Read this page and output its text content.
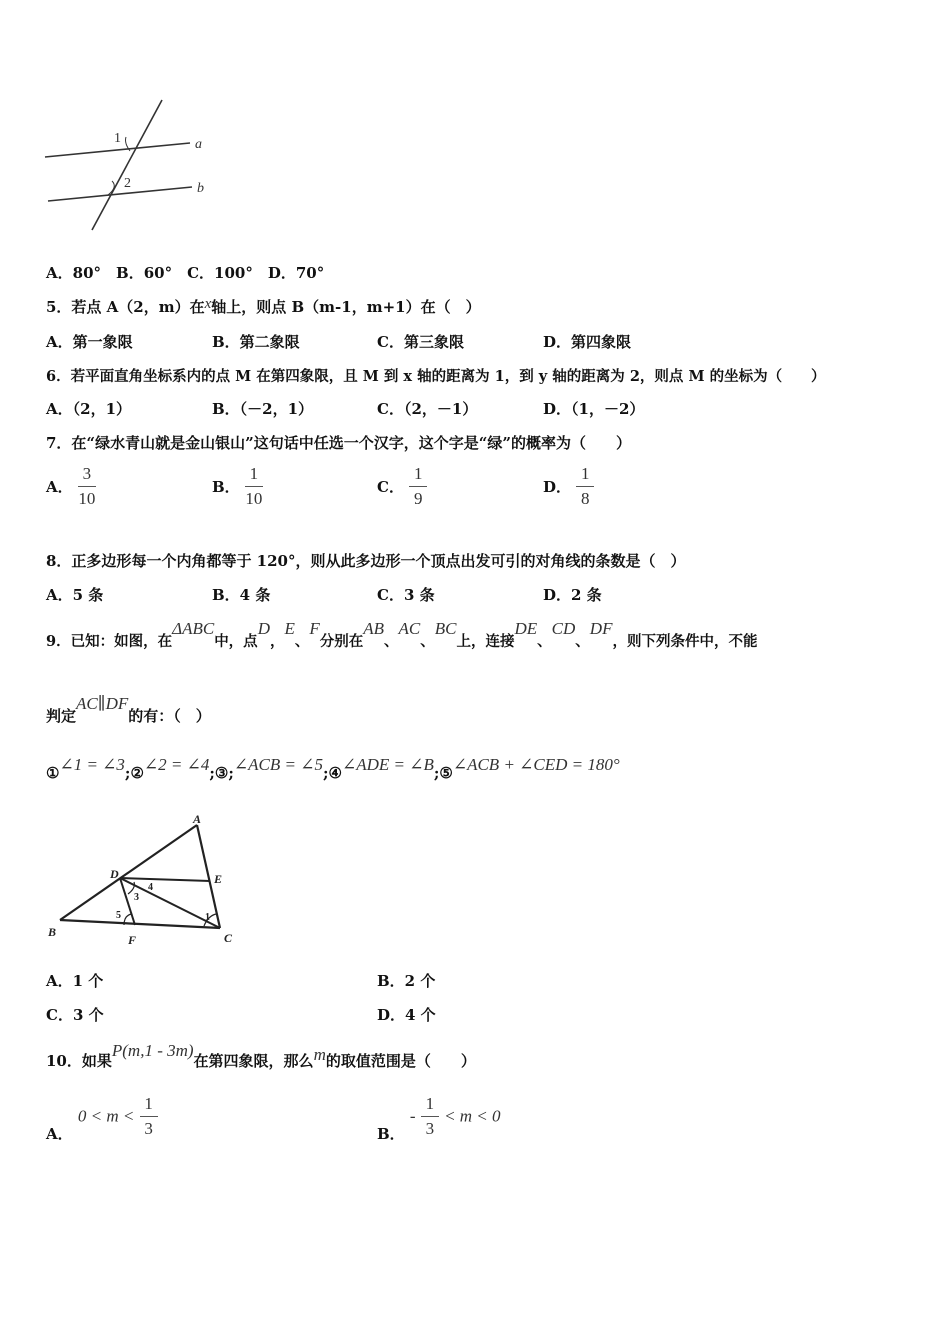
1
2
a
b
A．80°　B．60°　C．100°　D．70°
5．若点 A（2，m）在x轴上，则点 B（m-1，m+1）在（　）
A．第一象限	B．第二象限	C．第三象限	D．第四象限
6．若平面直角坐标系内的点 M 在第四象限，且 M 到 x 轴的距离为 1，到 y 轴的距离为 2，则点 M 的坐标为（　　）
A．（2，1）	B．（－2，1）	C．（2，－1）	D．（1，－2）
7．在“绿水青山就是金山银山”这句话中任选一个汉字，这个字是“绿”的概率为（　　）
A． $\frac{3}{10}$	B． $\frac{1}{10}$	C． $\frac{1}{9}$	D． $\frac{1}{8}$
8．正多边形每一个内角都等于 120°，则从此多边形一个顶点出发可引的对角线的条数是（　）
A．5 条	B．4 条	C．3 条	D．2 条
9．已知：如图，在ΔABC中，点D，E、F分别在AB、AC、BC上，连接DE、CD、DF，则下列条件中，不能
判定AC∥DF的有：（　）
①∠1 = ∠3;②∠2 = ∠4;③;∠ACB = ∠5;④∠ADE = ∠B;⑤∠ACB + ∠CED = 180°
A
B	C
D	E
F
1
3
4
5
A．1 个	B．2 个
C．3 个	D．4 个
10．如果P(m,1 - 3m)在第四象限，那么m的取值范围是（　　）
A． $0 < m < \frac{1}{3}$	B． - $\frac{1}{3} < m < 0$
